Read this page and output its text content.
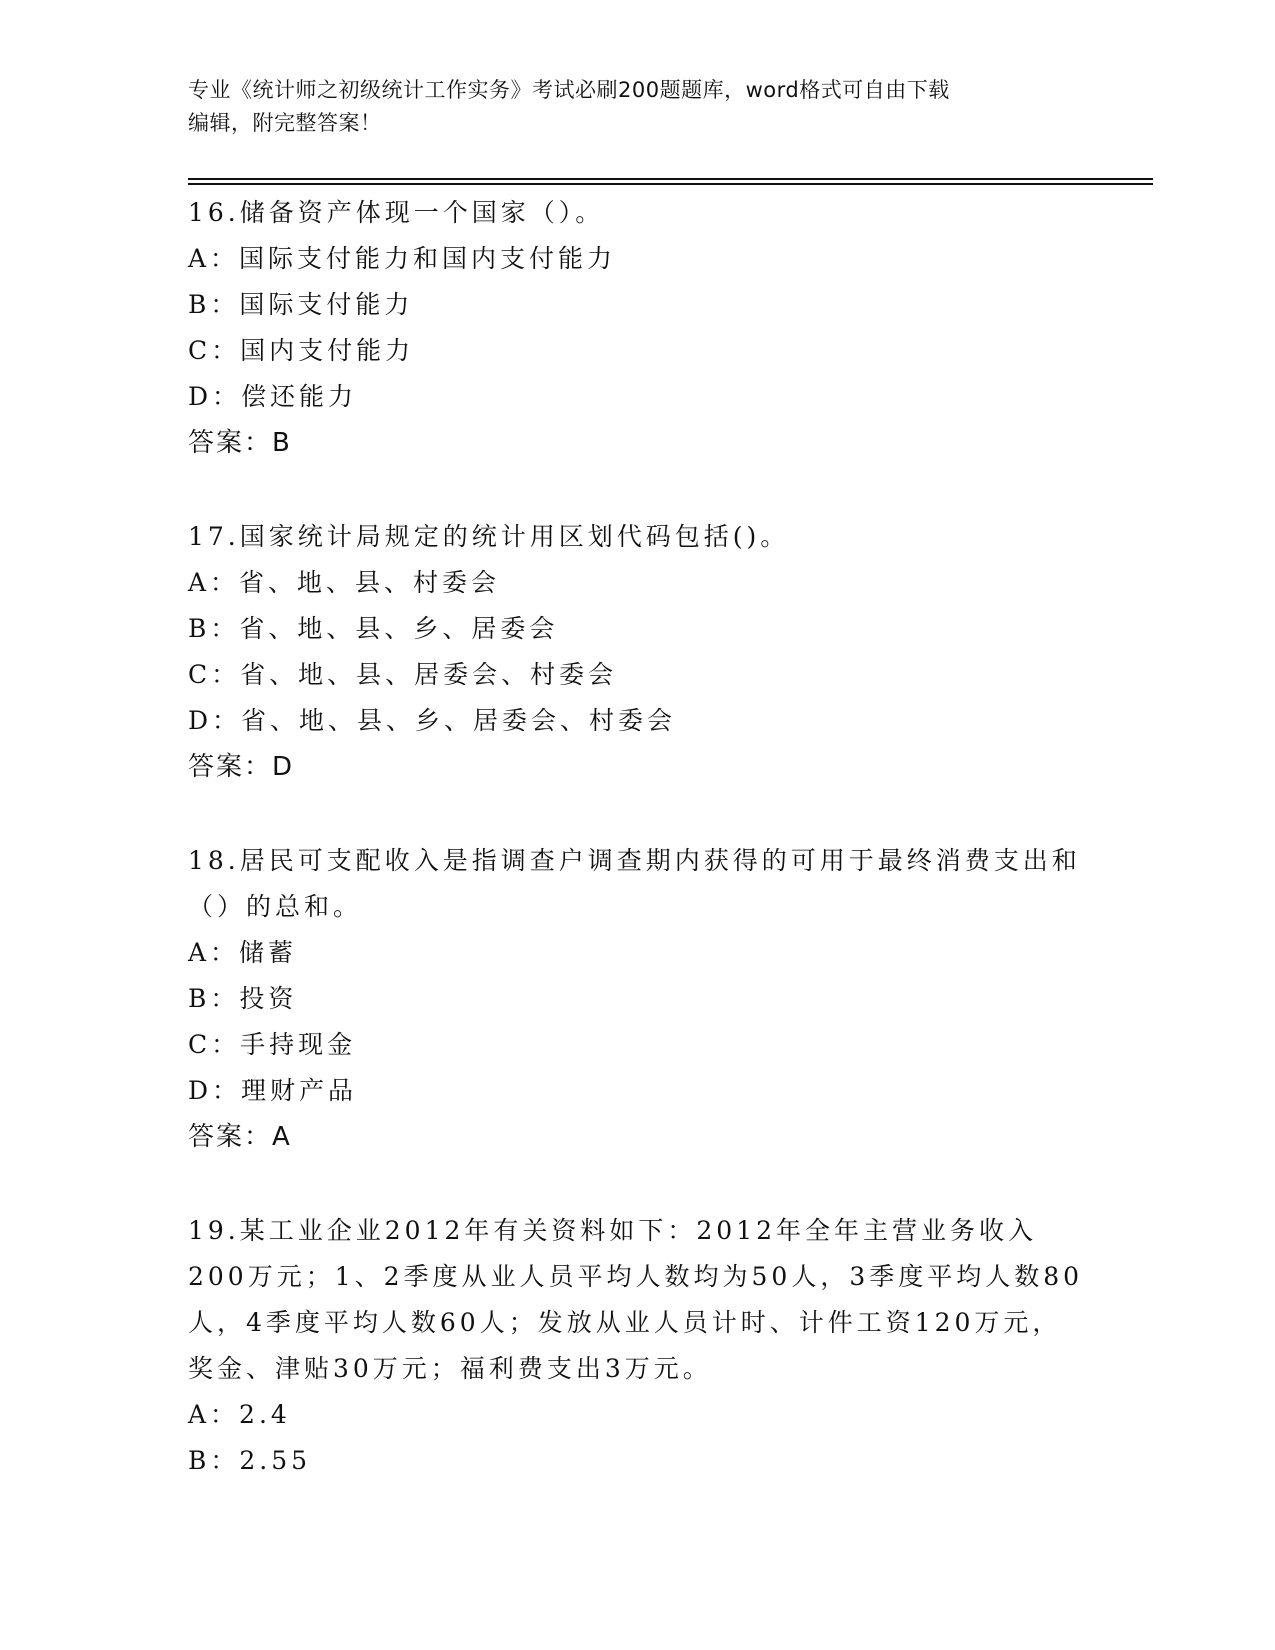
专业《统计师之初级统计工作实务》考试必刷200题题库，word格式可自由下载
编辑，附完整答案！
16.储备资产体现一个国家（）。
A：国际支付能力和国内支付能力
B：国际支付能力
C：国内支付能力
D：偿还能力
答案：B
17.国家统计局规定的统计用区划代码包括()。
A：省、地、县、村委会
B：省、地、县、乡、居委会
C：省、地、县、居委会、村委会
D：省、地、县、乡、居委会、村委会
答案：D
18.居民可支配收入是指调查户调查期内获得的可用于最终消费支出和（）的总和。
A：储蓄
B：投资
C：手持现金
D：理财产品
答案：A
19.某工业企业2012年有关资料如下：2012年全年主营业务收入200万元；1、2季度从业人员平均人数均为50人，3季度平均人数80人，4季度平均人数60人；发放从业人员计时、计件工资120万元，奖金、津贴30万元；福利费支出3万元。
A：2.4
B：2.55
